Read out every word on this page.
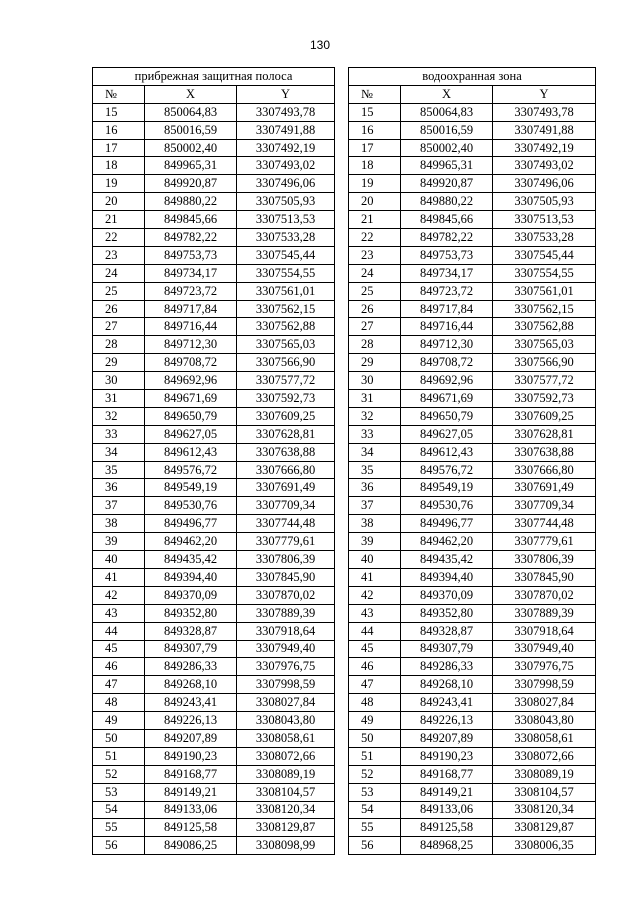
130
прибрежная защитная полоса				водоохранная зона		
№	X	Y		№	X	Y
15	850064,83	3307493,78		15	850064,83	3307493,78
16	850016,59	3307491,88		16	850016,59	3307491,88
17	850002,40	3307492,19		17	850002,40	3307492,19
18	849965,31	3307493,02		18	849965,31	3307493,02
19	849920,87	3307496,06		19	849920,87	3307496,06
20	849880,22	3307505,93		20	849880,22	3307505,93
21	849845,66	3307513,53		21	849845,66	3307513,53
22	849782,22	3307533,28		22	849782,22	3307533,28
23	849753,73	3307545,44		23	849753,73	3307545,44
24	849734,17	3307554,55		24	849734,17	3307554,55
25	849723,72	3307561,01		25	849723,72	3307561,01
26	849717,84	3307562,15		26	849717,84	3307562,15
27	849716,44	3307562,88		27	849716,44	3307562,88
28	849712,30	3307565,03		28	849712,30	3307565,03
29	849708,72	3307566,90		29	849708,72	3307566,90
30	849692,96	3307577,72		30	849692,96	3307577,72
31	849671,69	3307592,73		31	849671,69	3307592,73
32	849650,79	3307609,25		32	849650,79	3307609,25
33	849627,05	3307628,81		33	849627,05	3307628,81
34	849612,43	3307638,88		34	849612,43	3307638,88
35	849576,72	3307666,80		35	849576,72	3307666,80
36	849549,19	3307691,49		36	849549,19	3307691,49
37	849530,76	3307709,34		37	849530,76	3307709,34
38	849496,77	3307744,48		38	849496,77	3307744,48
39	849462,20	3307779,61		39	849462,20	3307779,61
40	849435,42	3307806,39		40	849435,42	3307806,39
41	849394,40	3307845,90		41	849394,40	3307845,90
42	849370,09	3307870,02		42	849370,09	3307870,02
43	849352,80	3307889,39		43	849352,80	3307889,39
44	849328,87	3307918,64		44	849328,87	3307918,64
45	849307,79	3307949,40		45	849307,79	3307949,40
46	849286,33	3307976,75		46	849286,33	3307976,75
47	849268,10	3307998,59		47	849268,10	3307998,59
48	849243,41	3308027,84		48	849243,41	3308027,84
49	849226,13	3308043,80		49	849226,13	3308043,80
50	849207,89	3308058,61		50	849207,89	3308058,61
51	849190,23	3308072,66		51	849190,23	3308072,66
52	849168,77	3308089,19		52	849168,77	3308089,19
53	849149,21	3308104,57		53	849149,21	3308104,57
54	849133,06	3308120,34		54	849133,06	3308120,34
55	849125,58	3308129,87		55	849125,58	3308129,87
56	849086,25	3308098,99		56	848968,25	3308006,35
